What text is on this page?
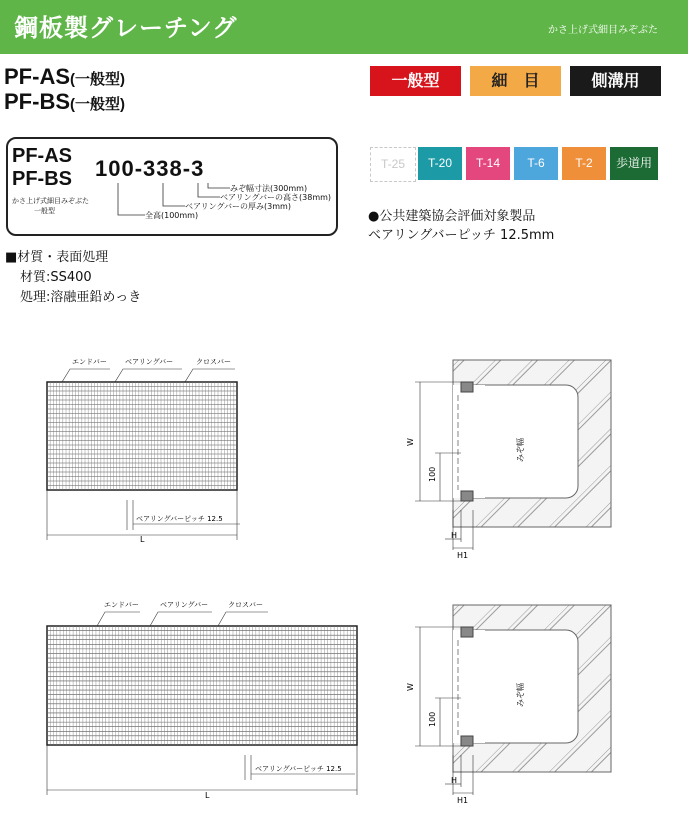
鋼板製グレーチング	かさ上げ式細目みぞぶた
PF-AS(一般型)
PF-BS(一般型)
一般型	細　目	側溝用
PF-AS
PF-BS
かさ上げ式細目みぞぶた
一般型
100-338-3
みぞ幅寸法(300mm)
ベアリングバーの高さ(38mm)
ベアリングバーの厚み(3mm)
全高(100mm)
T-25	T-20	T-14	T-6	T-2	歩道用
●公共建築協会評価対象製品
ベアリングバーピッチ 12.5mm
■材質・表面処理
材質:SS400
処理:溶融亜鉛めっき
エンドバー	ベアリングバー	クロスバー
ベアリングバーピッチ 12.5
L
エンドバー	ベアリングバー	クロスバー
ベアリングバーピッチ 12.5
L
W
100
みぞ幅
H
H1
W
100
みぞ幅
H
H1
